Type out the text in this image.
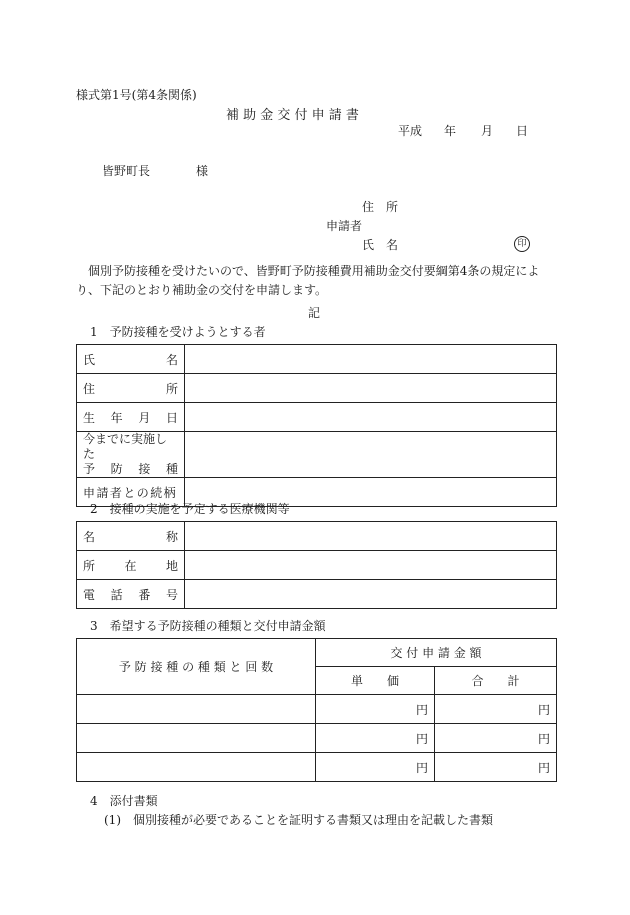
様式第1号(第4条関係)
補 助 金 交 付 申 請 書
平成 年 月 日
皆野町長	様
住　所
申請者
氏　名	印
個別予防接種を受けたいので、皆野町予防接種費用補助金交付要綱第4条の規定によ
り、下記のとおり補助金の交付を申請します。
記
1　予防接種を受けようとする者
氏 名	

住 所	

生 年 月 日	

今までに実施した
予 防 接 種	

申請者との続柄	
2　接種の実施を予定する医療機関等
名 称	

所 在 地	

電 話 番 号	

3　希望する予防接種の種類と交付申請金額
予 防 接 種 の 種 類 と 回 数	交 付 申 請 金 額	
	単　　価	合　　計
	円	円
	円	円
	円	円
4　添付書類
(1)　個別接種が必要であることを証明する書類又は理由を記載した書類
